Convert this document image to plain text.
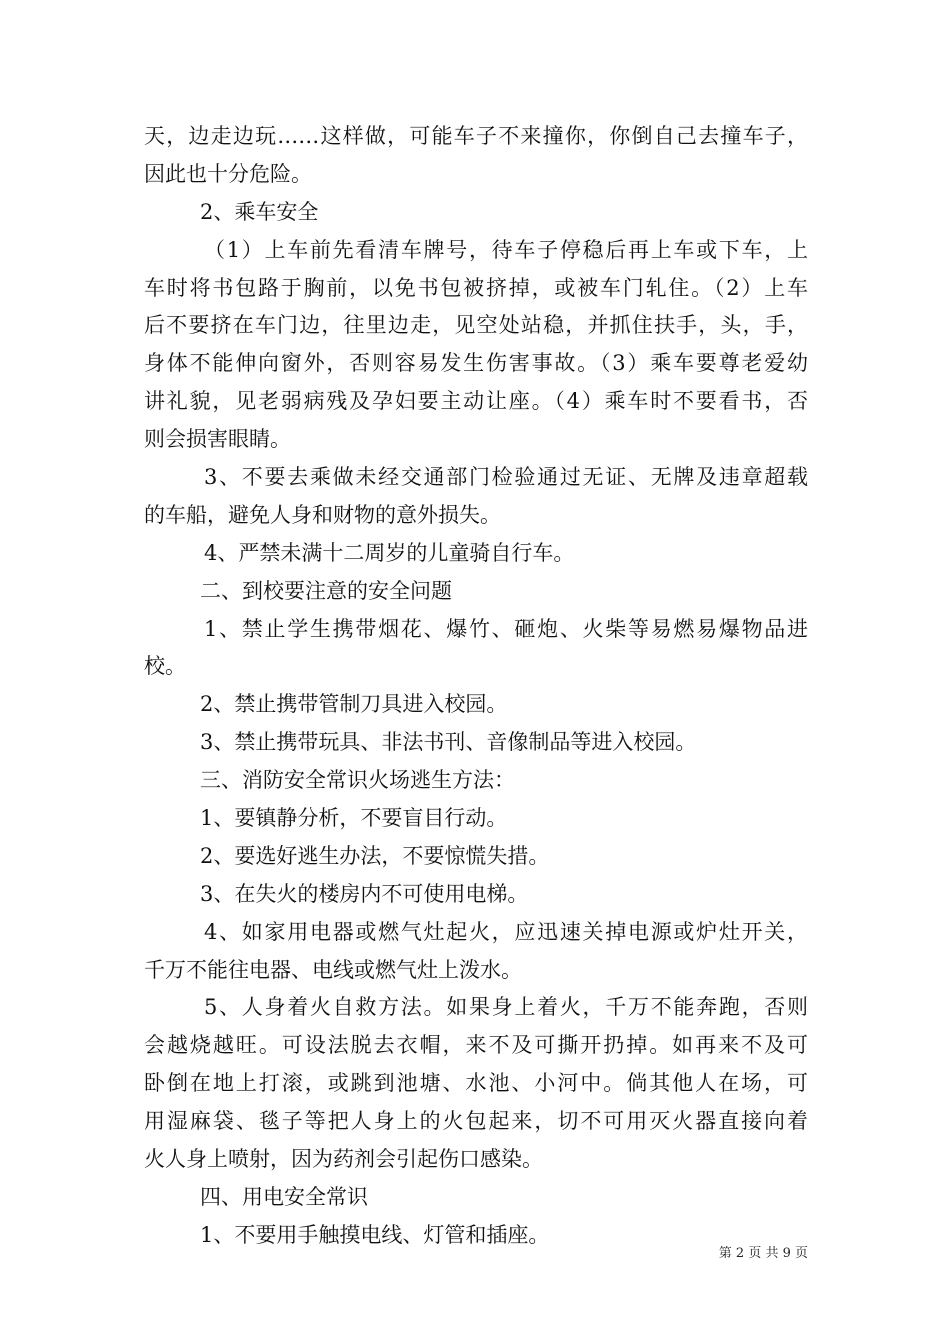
天，边走边玩……这样做，可能车子不来撞你，你倒自己去撞车子，
因此也十分危险。
2、乘车安全
（1）上车前先看清车牌号，待车子停稳后再上车或下车，上
车时将书包路于胸前，以免书包被挤掉，或被车门轧住。（2）上车
后不要挤在车门边，往里边走，见空处站稳，并抓住扶手，头，手，
身体不能伸向窗外，否则容易发生伤害事故。（3）乘车要尊老爱幼
讲礼貌，见老弱病残及孕妇要主动让座。（4）乘车时不要看书，否
则会损害眼睛。
3、不要去乘做未经交通部门检验通过无证、无牌及违章超载
的车船，避免人身和财物的意外损失。
4、严禁未满十二周岁的儿童骑自行车。
二、到校要注意的安全问题
1、禁止学生携带烟花、爆竹、砸炮、火柴等易燃易爆物品进
校。
2、禁止携带管制刀具进入校园。
3、禁止携带玩具、非法书刊、音像制品等进入校园。
三、消防安全常识火场逃生方法：
1、要镇静分析，不要盲目行动。
2、要选好逃生办法，不要惊慌失措。
3、在失火的楼房内不可使用电梯。
4、如家用电器或燃气灶起火，应迅速关掉电源或炉灶开关，
千万不能往电器、电线或燃气灶上泼水。
5、人身着火自救方法。如果身上着火，千万不能奔跑，否则
会越烧越旺。可设法脱去衣帽，来不及可撕开扔掉。如再来不及可
卧倒在地上打滚，或跳到池塘、水池、小河中。倘其他人在场，可
用湿麻袋、毯子等把人身上的火包起来，切不可用灭火器直接向着
火人身上喷射，因为药剂会引起伤口感染。
四、用电安全常识
1、不要用手触摸电线、灯管和插座。
第 2 页 共 9 页
